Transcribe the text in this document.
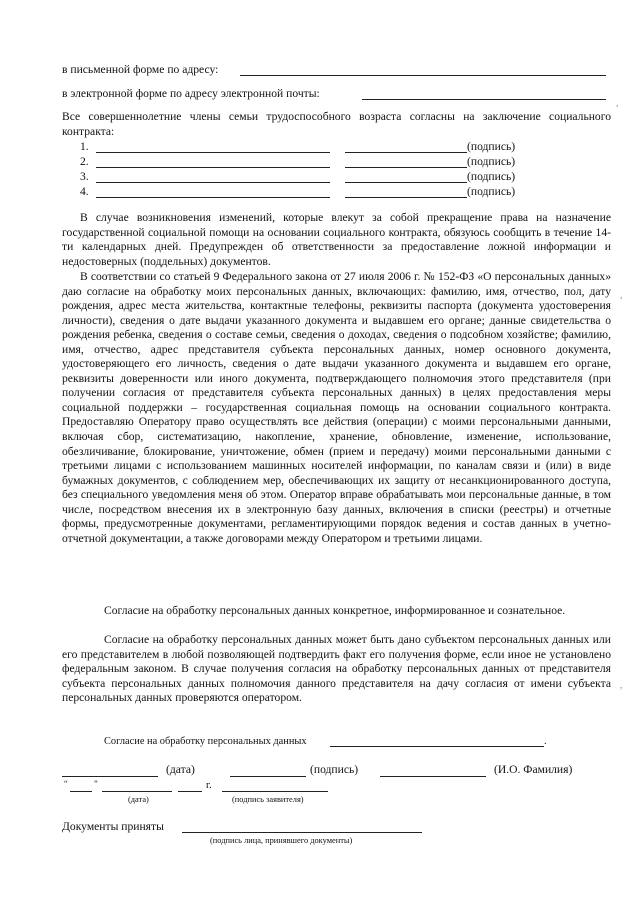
в письменной форме по адресу:
в электронной форме по адресу электронной почты:
,
Все совершеннолетние члены семьи трудоспособного возраста согласны на заключение социального контракта:
1.	(подпись)
2.	(подпись)
3.	(подпись)
4.	(подпись)
В случае возникновения изменений, которые влекут за собой прекращение права на назначение государственной социальной помощи на основании социального контракта, обязуюсь сообщить в течение 14-ти календарных дней. Предупрежден об ответственности за предоставление ложной информации и недостоверных (поддельных) документов.
В соответствии со статьей 9 Федерального закона от 27 июля 2006 г. № 152-ФЗ «О персональных данных» даю согласие на обработку моих персональных данных, включающих: фамилию, имя, отчество, пол, дату рождения, адрес места жительства, контактные телефоны, реквизиты паспорта (документа удостоверения личности), сведения о дате выдачи указанного документа и выдавшем его органе; данные свидетельства о рождения ребенка, сведения о составе семьи, сведения о доходах, сведения о подсобном хозяйстве; фамилию, имя, отчество, адрес представителя субъекта персональных данных, номер основного документа, удостоверяющего его личность, сведения о дате выдачи указанного документа и выдавшем его органе, реквизиты доверенности или иного документа, подтверждающего полномочия этого представителя (при получении согласия от представителя субъекта персональных данных) в целях предоставления меры социальной поддержки – государственная социальная помощь на основании социального контракта. Предоставляю Оператору право осуществлять все действия (операции) с моими персональными данными, включая сбор, систематизацию, накопление, хранение, обновление, изменение, использование, обезличивание, блокирование, уничтожение, обмен (прием и передачу) моими персональными данными с третьими лицами с использованием машинных носителей информации, по каналам связи и (или) в виде бумажных документов, с соблюдением мер, обеспечивающих их защиту от несанкционированного доступа, без специального уведомления меня об этом. Оператор вправе обрабатывать мои персональные данные, в том числе, посредством внесения их в электронную базу данных, включения в списки (реестры) и отчетные формы, предусмотренные документами, регламентирующими порядок ведения и состав данных в учетно-отчетной документации, а также договорами между Оператором и третьими лицами.
,
Согласие на обработку персональных данных конкретное, информированное и сознательное.
Согласие на обработку персональных данных может быть дано субъектом персональных данных или его представителем в любой позволяющей подтвердить факт его получения форме, если иное не установлено федеральным законом. В случае получения согласия на обработку персональных данных от представителя субъекта персональных данных полномочия данного представителя на дачу согласия от имени субъекта персональных данных проверяются оператором.
,
Согласие на обработку персональных данных	.
(дата)	(подпись)	(И.О. Фамилия)
“	”	г.
(дата)	(подпись заявителя)
Документы приняты
(подпись лица, принявшего документы)
